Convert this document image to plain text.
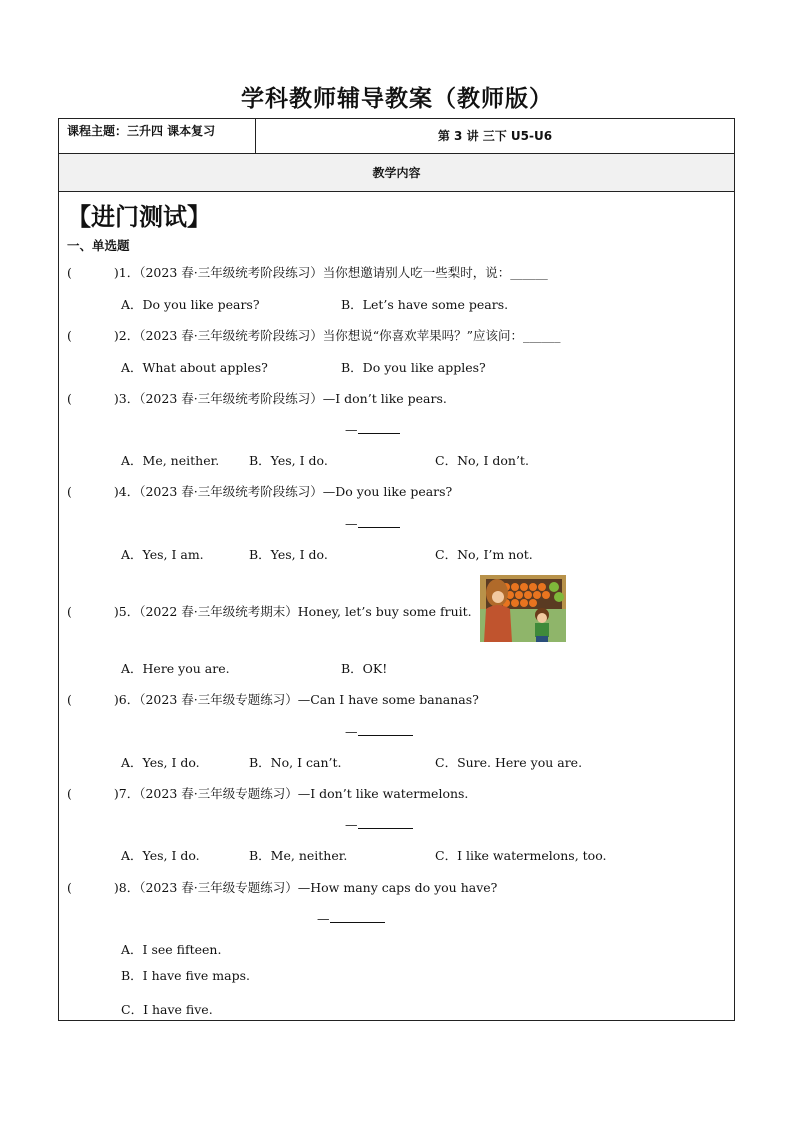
学科教师辅导教案（教师版）
课程主题：三升四 课本复习	第 3 讲 三下 U5-U6
教学内容
【进门测试】
一、单选题
(	)1．（2023 春·三年级统考阶段练习）当你想邀请别人吃一些梨时，说：______
A．Do you like pears?	B．Let’s have some pears.
(	)2．（2023 春·三年级统考阶段练习）当你想说“你喜欢苹果吗？”应该问：______
A．What about apples?	B．Do you like apples?
(	)3．（2023 春·三年级统考阶段练习）—I don’t like pears.
—
A．Me, neither. B．Yes, I do.	C．No, I don’t.
(	)4．（2023 春·三年级统考阶段练习）—Do you like pears?
—
A．Yes, I am.	B．Yes, I do.	C．No, I’m not.
(	)5．（2022 春·三年级统考期末）Honey, let’s buy some fruit.
A．Here you are.	B．OK!
(	)6．（2023 春·三年级专题练习）—Can I have some bananas?
—
A．Yes, I do.	B．No, I can’t.	C．Sure. Here you are.
(	)7．（2023 春·三年级专题练习）—I don’t like watermelons.
—
A．Yes, I do.	B．Me, neither.	C．I like watermelons, too.
(	)8．（2023 春·三年级专题练习）—How many caps do you have?
—
A．I see fifteen.
B．I have five maps.
C．I have five.
